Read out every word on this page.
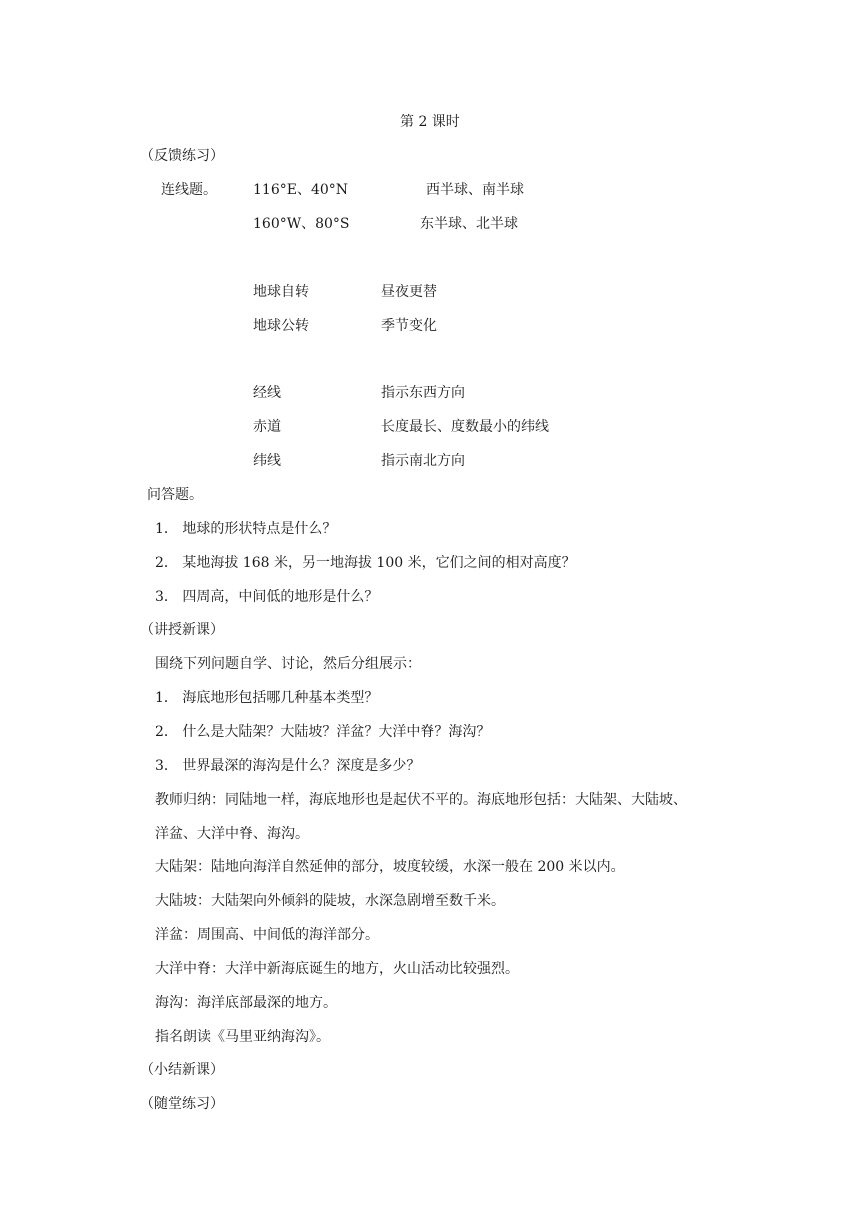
第 2 课时
（反馈练习）
连线题。	116°E、40°N	西半球、南半球
160°W、80°S	东半球、北半球
地球自转	昼夜更替
地球公转	季节变化
经线	指示东西方向
赤道	长度最长、度数最小的纬线
纬线	指示南北方向
问答题。
1． 地球的形状特点是什么？
2． 某地海拔 168 米，另一地海拔 100 米，它们之间的相对高度？
3． 四周高，中间低的地形是什么？
（讲授新课）
围绕下列问题自学、讨论，然后分组展示：
1． 海底地形包括哪几种基本类型？
2． 什么是大陆架？大陆坡？洋盆？大洋中脊？海沟？
3． 世界最深的海沟是什么？深度是多少？
教师归纳：同陆地一样，海底地形也是起伏不平的。海底地形包括：大陆架、大陆坡、
洋盆、大洋中脊、海沟。
大陆架：陆地向海洋自然延伸的部分，坡度较缓，水深一般在 200 米以内。
大陆坡：大陆架向外倾斜的陡坡，水深急剧增至数千米。
洋盆：周围高、中间低的海洋部分。
大洋中脊：大洋中新海底诞生的地方，火山活动比较强烈。
海沟：海洋底部最深的地方。
指名朗读《马里亚纳海沟》。
（小结新课）
（随堂练习）
